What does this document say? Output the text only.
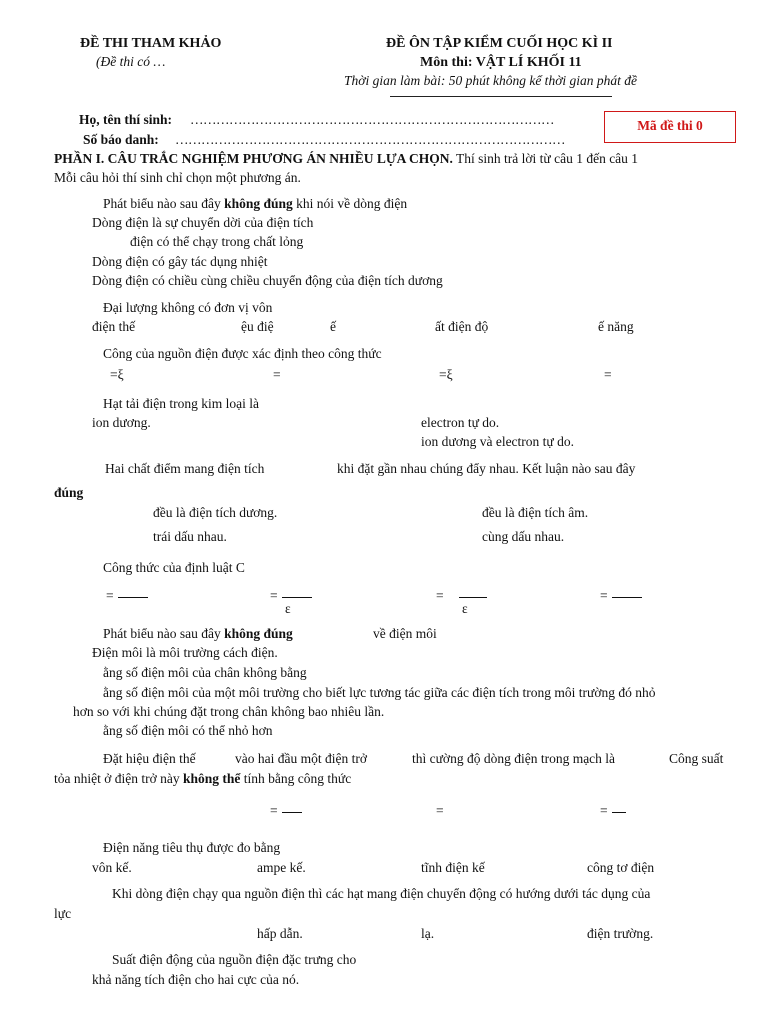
ĐỀ THI THAM KHẢO
(Đề thi có …
ĐỀ ÔN TẬP KIỂM CUỐI HỌC KÌ II
Môn thi: VẬT LÍ KHỐI 11
Thời gian làm bài: 50 phút không kể thời gian phát đề
Họ, tên thí sinh: …………………………………………………………………………
Số báo danh: ………………………………………………………………………………
Mã đề thi 0
PHẦN I. CÂU TRẮC NGHIỆM PHƯƠNG ÁN NHIỀU LỰA CHỌN. Thí sinh trả lời từ câu 1 đến câu 1
Mỗi câu hỏi thí sinh chỉ chọn một phương án.
Phát biểu nào sau đây không đúng khi nói về dòng điện
Dòng điện là sự chuyển dời của điện tích
điện có thể chạy trong chất lỏng
Dòng điện có gây tác dụng nhiệt
Dòng điện có chiều cùng chiều chuyển động của điện tích dương
Đại lượng không có đơn vị vôn
điện thế	ệu điệ	ế	ất điện độ	ế năng
Công của nguồn điện được xác định theo công thức
=ξ	=	=ξ	=
Hạt tải điện trong kim loại là
ion dương.	electron tự do.
ion dương và electron tự do.
Hai chất điểm mang điện tích	khi đặt gần nhau chúng đẩy nhau. Kết luận nào sau đây
đúng
đều là điện tích dương.	đều là điện tích âm.
trái dấu nhau.	cùng dấu nhau.
Công thức của định luật C
=	=
ε
=
ε
=
Phát biểu nào sau đây không đúng	về điện môi
Điện môi là môi trường cách điện.
ằng số điện môi của chân không bằng
ằng số điện môi của một môi trường cho biết lực tương tác giữa các điện tích trong môi trường đó nhỏ
hơn so với khi chúng đặt trong chân không bao nhiêu lần.
ằng số điện môi có thể nhỏ hơn
Đặt hiệu điện thế	vào hai đầu một điện trở	thì cường độ dòng điện trong mạch là	Công suất
tỏa nhiệt ở điện trở này không thể tính bằng công thức
=	=	=
Điện năng tiêu thụ được đo bằng
vôn kế.	ampe kế.	tĩnh điện kế	công tơ điện
Khi dòng điện chạy qua nguồn điện thì các hạt mang điện chuyển động có hướng dưới tác dụng của
lực
hấp dẫn.	lạ.	điện trường.
Suất điện động của nguồn điện đặc trưng cho
khả năng tích điện cho hai cực của nó.
